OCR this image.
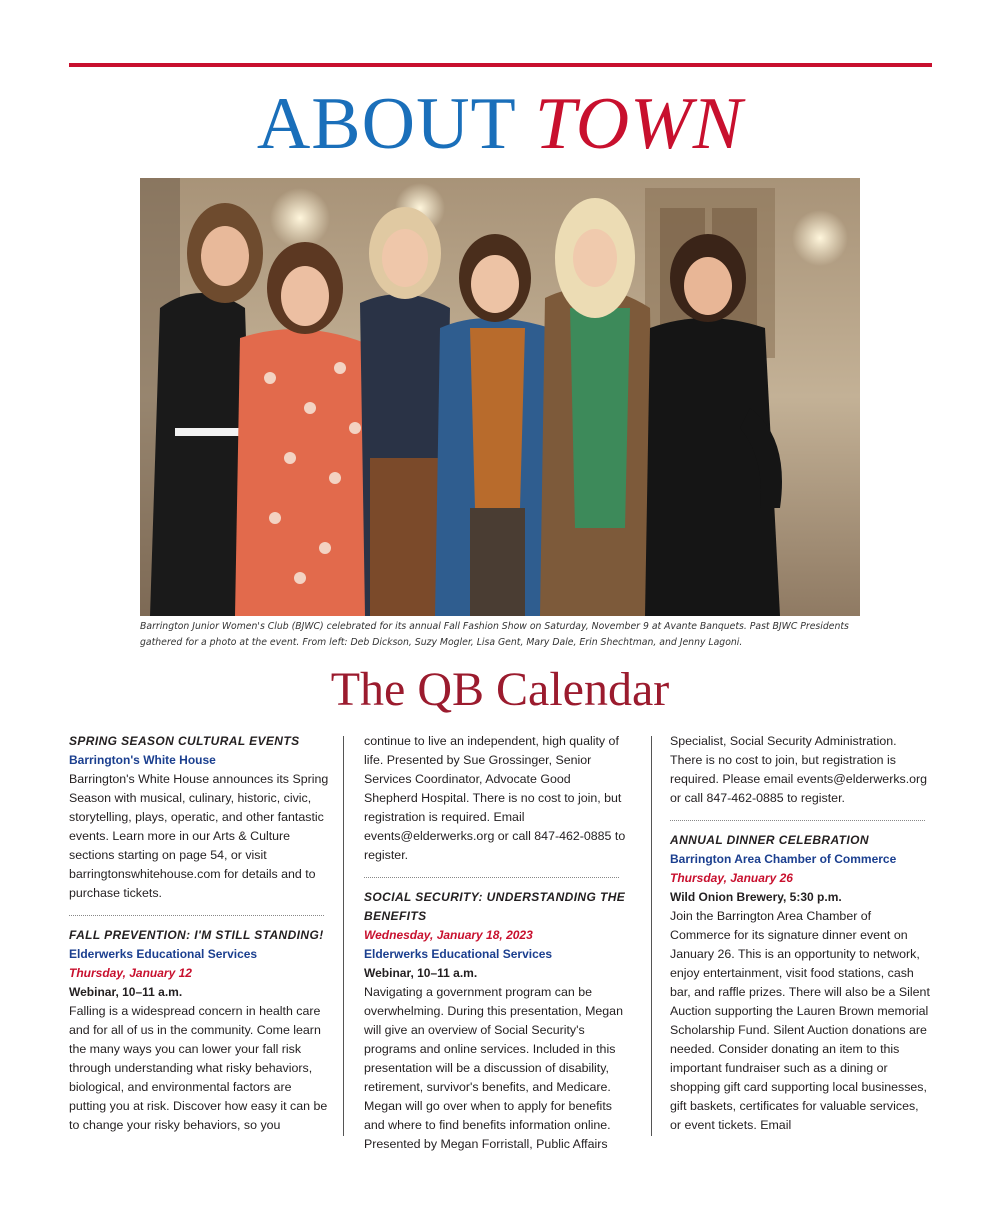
ABOUT TOWN
Barrington Junior Women's Club (BJWC) celebrated for its annual Fall Fashion Show on Saturday, November 9 at Avante Banquets. Past BJWC Presidents gathered for a photo at the event. From left: Deb Dickson, Suzy Mogler, Lisa Gent, Mary Dale, Erin Shechtman, and Jenny Lagoni.
The QB Calendar
SPRING SEASON CULTURAL EVENTS
Barrington's White House

Barrington's White House announces its Spring Season with musical, culinary, historic, civic, storytelling, plays, operatic, and other fantastic events. Learn more in our Arts & Culture sections starting on page 54, or visit barringtonswhitehouse.com for details and to purchase tickets.

FALL PREVENTION: I'M STILL STANDING!
Elderwerks Educational Services
Thursday, January 12
Webinar, 10–11 a.m.

Falling is a widespread concern in health care and for all of us in the community. Come learn the many ways you can lower your fall risk through understanding what risky behaviors, biological, and environmental factors are putting you at risk. Discover how easy it can be to change your risky behaviors, so you

continue to live an independent, high quality of life. Presented by Sue Grossinger, Senior Services Coordinator, Advocate Good Shepherd Hospital. There is no cost to join, but registration is required. Email events@elderwerks.org or call 847-462-0885 to register.

SOCIAL SECURITY: UNDERSTANDING THE BENEFITS
Wednesday, January 18, 2023
Elderwerks Educational Services
Webinar, 10–11 a.m.

Navigating a government program can be overwhelming. During this presentation, Megan will give an overview of Social Security's programs and online services. Included in this presentation will be a discussion of disability, retirement, survivor's benefits, and Medicare. Megan will go over when to apply for benefits and where to find benefits information online. Presented by Megan Forristall, Public Affairs

Specialist, Social Security Administration. There is no cost to join, but registration is required. Please email events@elderwerks.org or call 847-462-0885 to register.

ANNUAL DINNER CELEBRATION
Barrington Area Chamber of Commerce
Thursday, January 26
Wild Onion Brewery, 5:30 p.m.

Join the Barrington Area Chamber of Commerce for its signature dinner event on January 26. This is an opportunity to network, enjoy entertainment, visit food stations, cash bar, and raffle prizes. There will also be a Silent Auction supporting the Lauren Brown memorial Scholarship Fund. Silent Auction donations are needed. Consider donating an item to this important fundraiser such as a dining or shopping gift card supporting local businesses, gift baskets, certificates for valuable services, or event tickets. Email
